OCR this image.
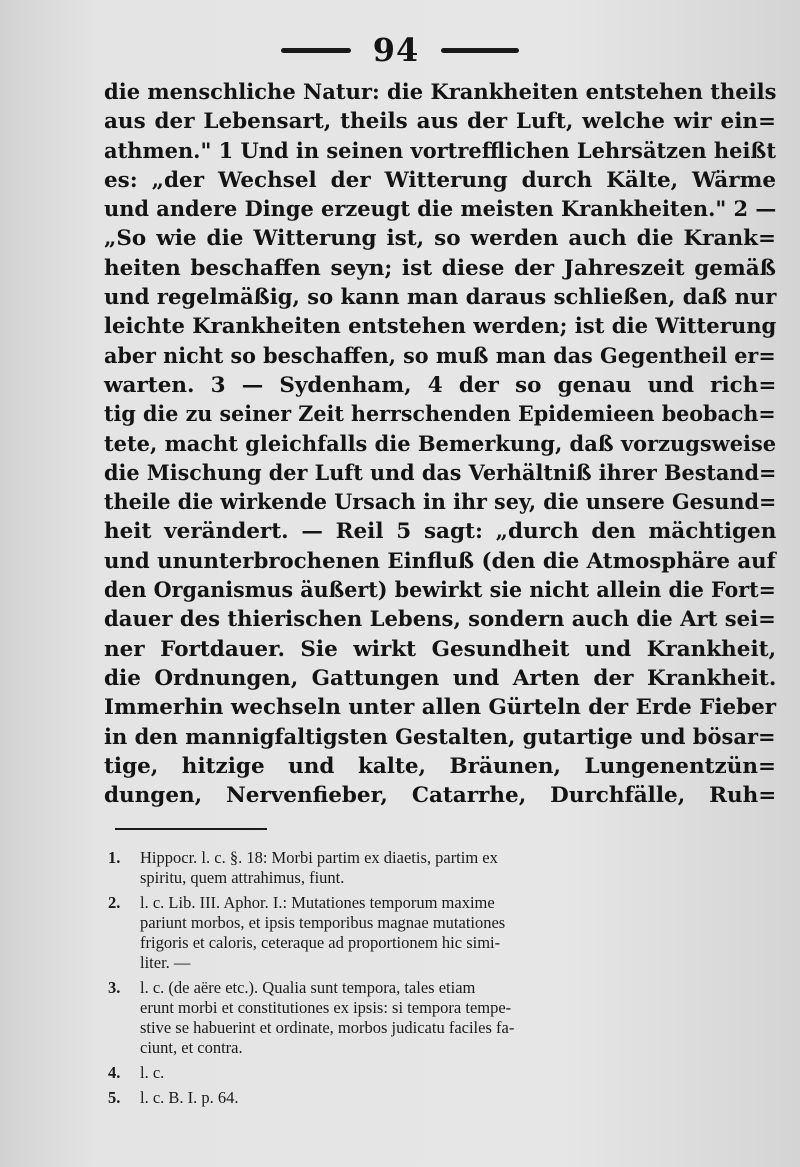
94
die menschliche Natur: die Krankheiten entstehen theils
aus der Lebensart, theils aus der Luft, welche wir ein=
athmen." 1 Und in seinen vortrefflichen Lehrsätzen heißt
es: „der Wechsel der Witterung durch Kälte, Wärme
und andere Dinge erzeugt die meisten Krankheiten." 2 —
„So wie die Witterung ist, so werden auch die Krank=
heiten beschaffen seyn; ist diese der Jahreszeit gemäß
und regelmäßig, so kann man daraus schließen, daß nur
leichte Krankheiten entstehen werden; ist die Witterung
aber nicht so beschaffen, so muß man das Gegentheil er=
warten. 3 — Sydenham, 4 der so genau und rich=
tig die zu seiner Zeit herrschenden Epidemieen beobach=
tete, macht gleichfalls die Bemerkung, daß vorzugsweise
die Mischung der Luft und das Verhältniß ihrer Bestand=
theile die wirkende Ursach in ihr sey, die unsere Gesund=
heit verändert. — Reil 5 sagt: „durch den mächtigen
und ununterbrochenen Einfluß (den die Atmosphäre auf
den Organismus äußert) bewirkt sie nicht allein die Fort=
dauer des thierischen Lebens, sondern auch die Art sei=
ner Fortdauer. Sie wirkt Gesundheit und Krankheit,
die Ordnungen, Gattungen und Arten der Krankheit.
Immerhin wechseln unter allen Gürteln der Erde Fieber
in den mannigfaltigsten Gestalten, gutartige und bösar=
tige, hitzige und kalte, Bräunen, Lungenentzün=
dungen, Nervenfieber, Catarrhe, Durchfälle, Ruh=
1.	Hippocr. l. c. §. 18: Morbi partim ex diaetis, partim ex
spiritu, quem attrahimus, fiunt.
2.	l. c. Lib. III. Aphor. I.: Mutationes temporum maxime
pariunt morbos, et ipsis temporibus magnae mutationes
frigoris et caloris, ceteraque ad proportionem hic simi-
liter. —
3.	l. c. (de aëre etc.). Qualia sunt tempora, tales etiam
erunt morbi et constitutiones ex ipsis: si tempora tempe-
stive se habuerint et ordinate, morbos judicatu faciles fa-
ciunt, et contra.
4.	l. c.
5.	l. c. B. I. p. 64.
